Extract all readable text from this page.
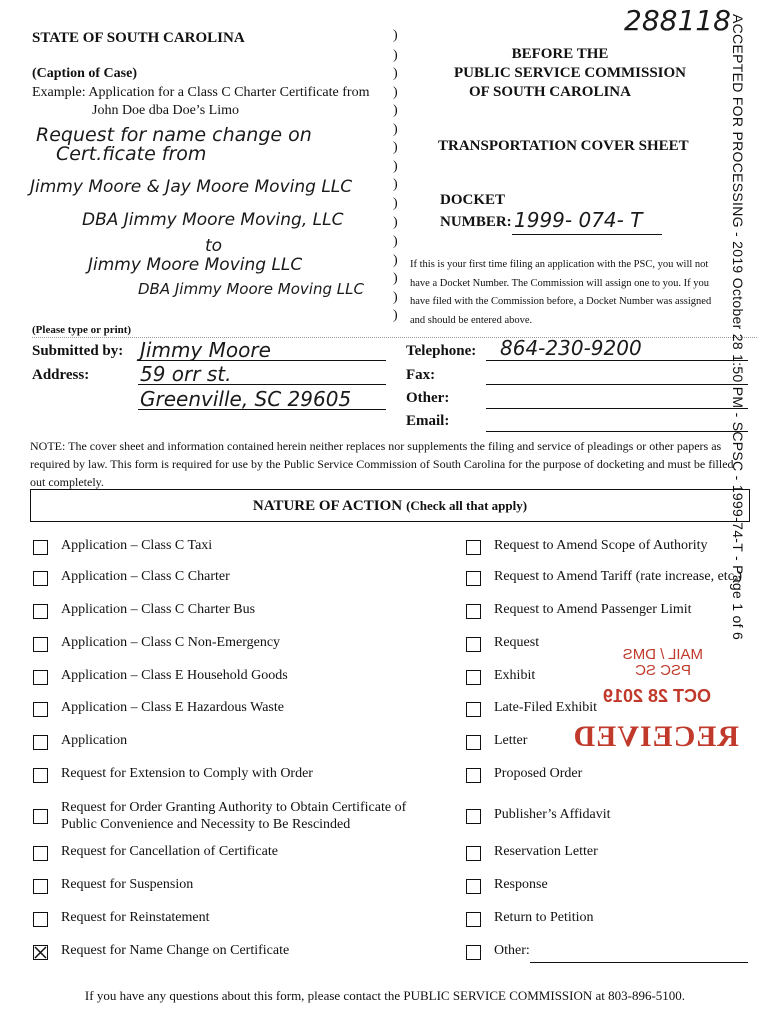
STATE OF SOUTH CAROLINA
(Caption of Case)
Example: Application for a Class C Charter Certificate from
John Doe dba Doe’s Limo
Request for name change on
Cert.ficate from
Jimmy Moore & Jay Moore Moving LLC
DBA Jimmy Moore Moving, LLC
to
Jimmy Moore Moving LLC
DBA Jimmy Moore Moving LLC
)
)
)
)
)
)
)
)
)
)
)
)
)
)
)
)
288118
BEFORE THE
PUBLIC SERVICE COMMISSION
OF SOUTH CAROLINA
TRANSPORTATION COVER SHEET
DOCKET
NUMBER: 1999- 074- T
If this is your first time filing an application with the PSC, you will not
have a Docket Number. The Commission will assign one to you. If you
have filed with the Commission before, a Docket Number was assigned
and should be entered above.
(Please type or print)
Submitted by: Jimmy Moore
Address:	59 orr st.
Greenville, SC 29605
Telephone: 864-230-9200
Fax:
Other:
Email:
NOTE: The cover sheet and information contained herein neither replaces nor supplements the filing and service of pleadings or other papers as required by law. This form is required for use by the Public Service Commission of South Carolina for the purpose of docketing and must be filled out completely.
NATURE OF ACTION (Check all that apply)
Application – Class C Taxi
Application – Class C Charter
Application – Class C Charter Bus
Application – Class C Non-Emergency
Application – Class E Household Goods
Application – Class E Hazardous Waste
Application
Request for Extension to Comply with Order
Request for Order Granting Authority to Obtain Certificate of
Public Convenience and Necessity to Be Rescinded
Request for Cancellation of Certificate
Request for Suspension
Request for Reinstatement
Request for Name Change on Certificate
Request to Amend Scope of Authority
Request to Amend Tariff (rate increase, etc.)
Request to Amend Passenger Limit
Request
Exhibit
Late-Filed Exhibit
Letter
Proposed Order
Publisher’s Affidavit
Reservation Letter
Response
Return to Petition
Other:
MAIL / DMS
PSC SC
OCT 28 2019
RECEIVED
ACCEPTED FOR PROCESSING - 2019 October 28 1:50 PM - SCPSC - 1999-74-T - Page 1 of 6
If you have any questions about this form, please contact the PUBLIC SERVICE COMMISSION at 803-896-5100.
